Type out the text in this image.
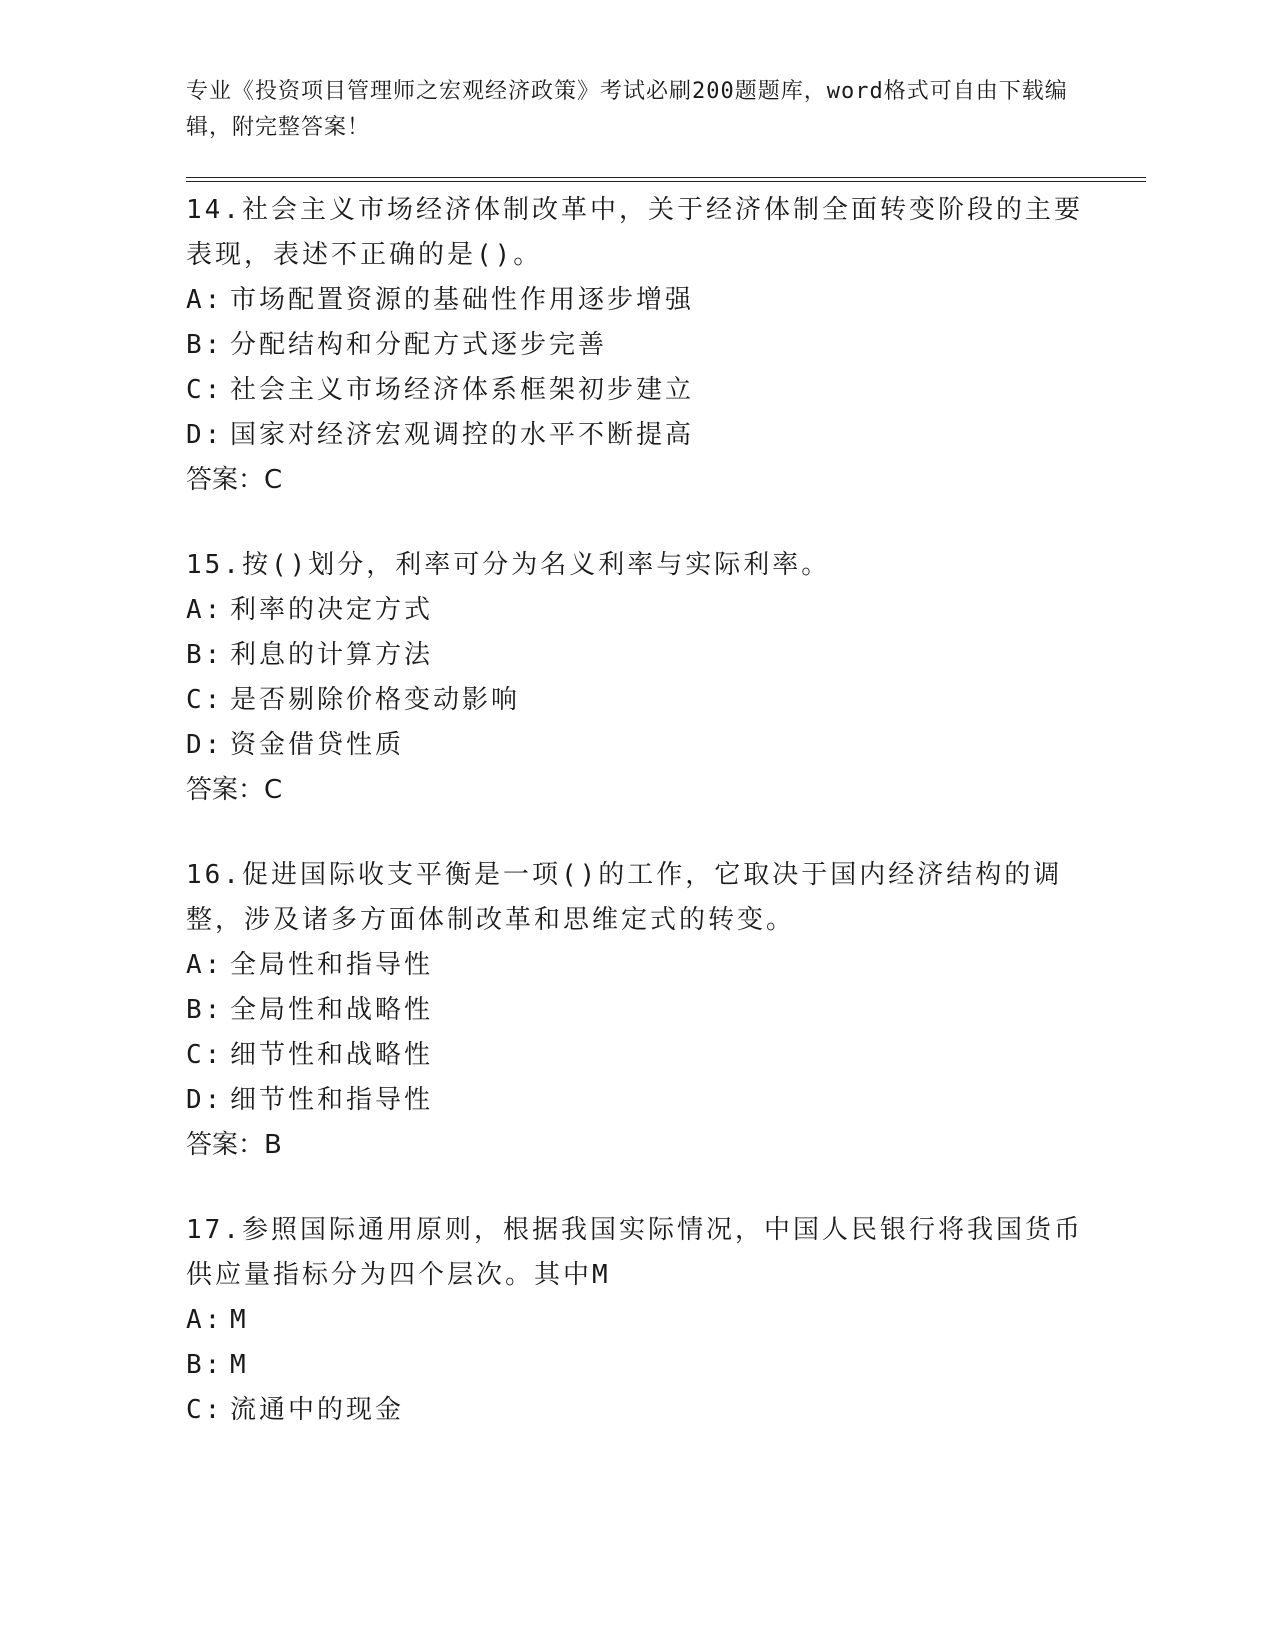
专业《投资项目管理师之宏观经济政策》考试必刷200题题库，word格式可自由下载编辑，附完整答案！
14.社会主义市场经济体制改革中，关于经济体制全面转变阶段的主要表现，表述不正确的是()。
A: 市场配置资源的基础性作用逐步增强
B: 分配结构和分配方式逐步完善
C: 社会主义市场经济体系框架初步建立
D: 国家对经济宏观调控的水平不断提高
答案：C
15.按()划分，利率可分为名义利率与实际利率。
A: 利率的决定方式
B: 利息的计算方法
C: 是否剔除价格变动影响
D: 资金借贷性质
答案：C
16.促进国际收支平衡是一项()的工作，它取决于国内经济结构的调整，涉及诸多方面体制改革和思维定式的转变。
A: 全局性和指导性
B: 全局性和战略性
C: 细节性和战略性
D: 细节性和指导性
答案：B
17.参照国际通用原则，根据我国实际情况，中国人民银行将我国货币供应量指标分为四个层次。其中M
A: M
B: M
C: 流通中的现金
